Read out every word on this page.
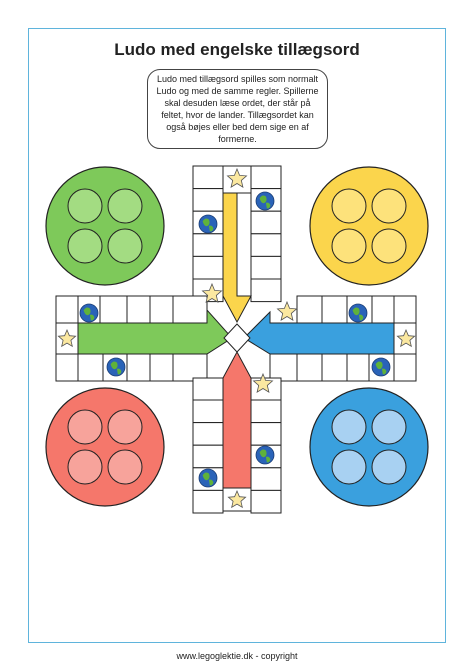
Ludo med engelske tillægsord
Ludo med tillægsord spilles som normalt Ludo og med de samme regler. Spillerne skal desuden læse ordet, der står på feltet, hvor de lander. Tillægsordet kan også bøjes eller bed dem sige en af formerne.
www.legoglektie.dk - copyright
